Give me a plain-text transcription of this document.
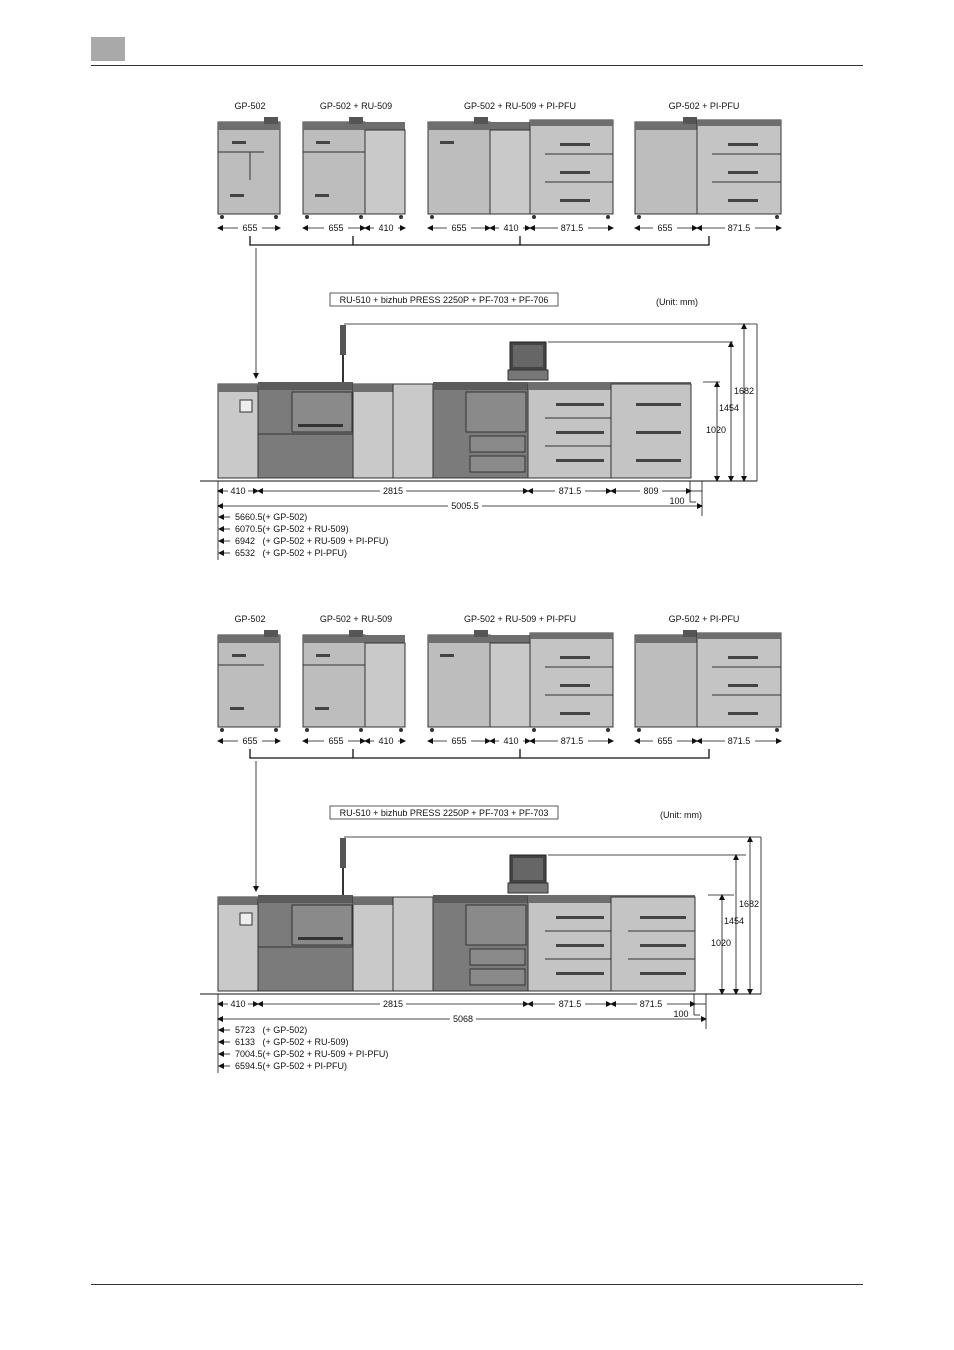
GP-502	GP-502 + RU-509	GP-502 + RU-509 + PI-PFU	GP-502 + PI-PFU
655	655	410	655	410	871.5	655	871.5
RU-510 + bizhub PRESS 2250P + PF-703 + PF-706	(Unit: mm)
1682
1454
1020
410	2815	871.5	809
100
5005.5
5660.5(+ GP-502)
6070.5(+ GP-502 + RU-509)
6942   (+ GP-502 + RU-509 + PI-PFU)
6532   (+ GP-502 + PI-PFU)
GP-502	GP-502 + RU-509	GP-502 + RU-509 + PI-PFU	GP-502 + PI-PFU
655	655	410	655	410	871.5	655	871.5
RU-510 + bizhub PRESS 2250P + PF-703 + PF-703	(Unit: mm)
1682
1454
1020
410	2815	871.5	871.5
100
5068
5723   (+ GP-502)
6133   (+ GP-502 + RU-509)
7004.5(+ GP-502 + RU-509 + PI-PFU)
6594.5(+ GP-502 + PI-PFU)
